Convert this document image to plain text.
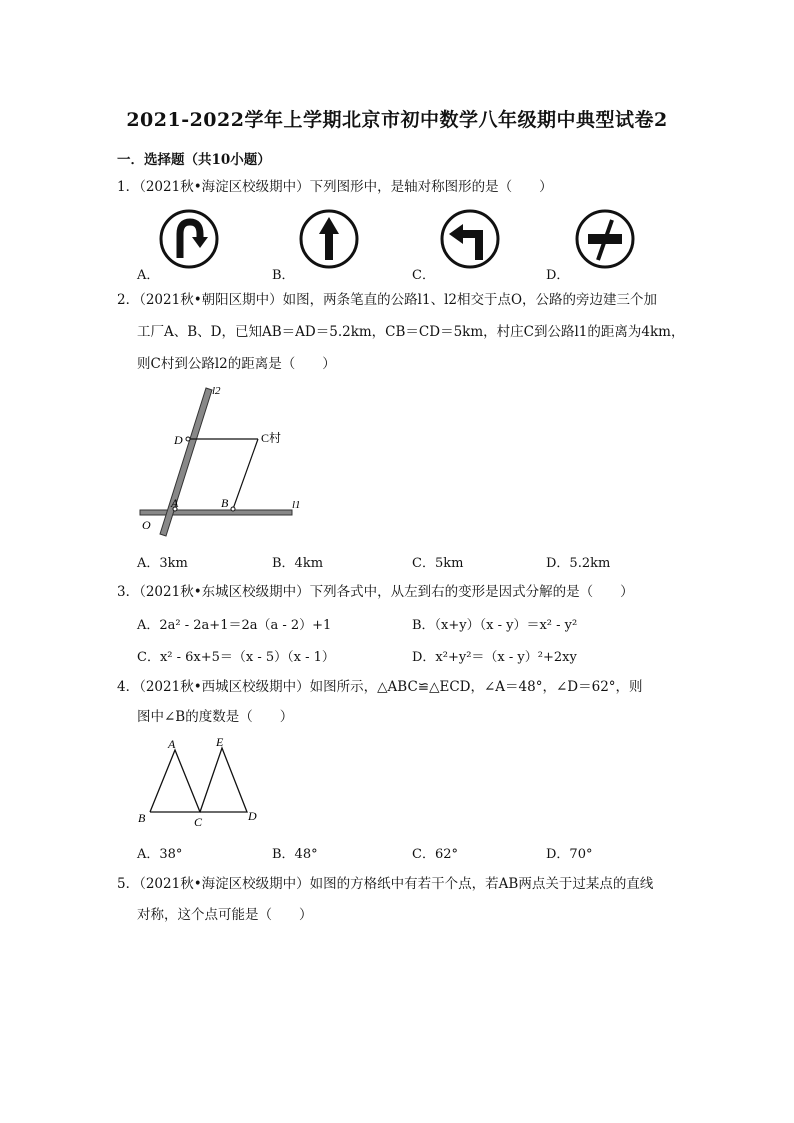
2021-2022学年上学期北京市初中数学八年级期中典型试卷2
一．选择题（共10小题）
1．（2021秋•海淀区校级期中）下列图形中，是轴对称图形的是（　　）
A．	B．	C．	D．
2．（2021秋•朝阳区期中）如图，两条笔直的公路l1、l2相交于点O，公路的旁边建三个加
工厂A、B、D，已知AB＝AD＝5.2km，CB＝CD＝5km，村庄C到公路l1的距离为4km，
则C村到公路l2的距离是（　　）
l2
l1
D	C村
A	B
O
A．3km	B．4km	C．5km	D．5.2km
3．（2021秋•东城区校级期中）下列各式中，从左到右的变形是因式分解的是（　　）
A．2a² - 2a+1＝2a（a - 2）+1	B．（x+y）（x - y）＝x² - y²
C．x² - 6x+5＝（x - 5）（x - 1）	D．x²+y²＝（x - y）²+2xy
4．（2021秋•西城区校级期中）如图所示，△ABC≌△ECD，∠A＝48°，∠D＝62°，则
图中∠B的度数是（　　）
A	E
B	C	D
A．38°	B．48°	C．62°	D．70°
5．（2021秋•海淀区校级期中）如图的方格纸中有若干个点，若AB两点关于过某点的直线
对称，这个点可能是（　　）
